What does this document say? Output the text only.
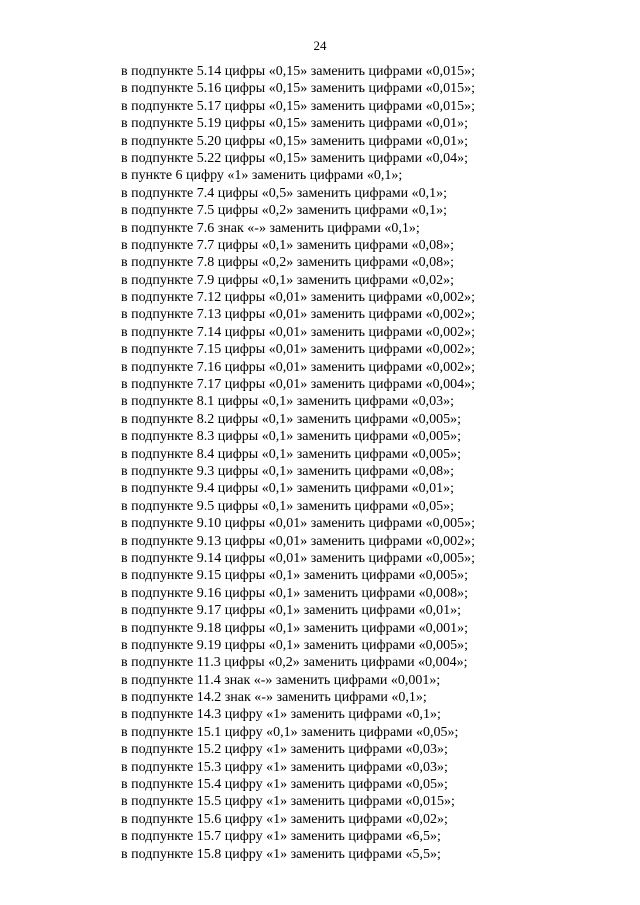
24
в подпункте 5.14 цифры «0,15» заменить цифрами «0,015»;
в подпункте 5.16 цифры «0,15» заменить цифрами «0,015»;
в подпункте 5.17 цифры «0,15» заменить цифрами «0,015»;
в подпункте 5.19 цифры «0,15» заменить цифрами «0,01»;
в подпункте 5.20 цифры «0,15» заменить цифрами «0,01»;
в подпункте 5.22 цифры «0,15» заменить цифрами «0,04»;
в пункте 6 цифру «1» заменить цифрами «0,1»;
в подпункте 7.4 цифры «0,5» заменить цифрами «0,1»;
в подпункте 7.5 цифры «0,2» заменить цифрами «0,1»;
в подпункте 7.6 знак «-» заменить цифрами «0,1»;
в подпункте 7.7 цифры «0,1» заменить цифрами «0,08»;
в подпункте 7.8 цифры «0,2» заменить цифрами «0,08»;
в подпункте 7.9 цифры «0,1» заменить цифрами «0,02»;
в подпункте 7.12 цифры «0,01» заменить цифрами «0,002»;
в подпункте 7.13 цифры «0,01» заменить цифрами «0,002»;
в подпункте 7.14 цифры «0,01» заменить цифрами «0,002»;
в подпункте 7.15 цифры «0,01» заменить цифрами «0,002»;
в подпункте 7.16 цифры «0,01» заменить цифрами «0,002»;
в подпункте 7.17 цифры «0,01» заменить цифрами «0,004»;
в подпункте 8.1 цифры «0,1» заменить цифрами «0,03»;
в подпункте 8.2 цифры «0,1» заменить цифрами «0,005»;
в подпункте 8.3 цифры «0,1» заменить цифрами «0,005»;
в подпункте 8.4 цифры «0,1» заменить цифрами «0,005»;
в подпункте 9.3 цифры «0,1» заменить цифрами «0,08»;
в подпункте 9.4 цифры «0,1» заменить цифрами «0,01»;
в подпункте 9.5 цифры «0,1» заменить цифрами «0,05»;
в подпункте 9.10 цифры «0,01» заменить цифрами «0,005»;
в подпункте 9.13 цифры «0,01» заменить цифрами «0,002»;
в подпункте 9.14 цифры «0,01» заменить цифрами «0,005»;
в подпункте 9.15 цифры «0,1» заменить цифрами «0,005»;
в подпункте 9.16 цифры «0,1» заменить цифрами «0,008»;
в подпункте 9.17 цифры «0,1» заменить цифрами «0,01»;
в подпункте 9.18 цифры «0,1» заменить цифрами «0,001»;
в подпункте 9.19 цифры «0,1» заменить цифрами «0,005»;
в подпункте 11.3 цифры «0,2» заменить цифрами «0,004»;
в подпункте 11.4 знак «-» заменить цифрами «0,001»;
в подпункте 14.2 знак «-» заменить цифрами «0,1»;
в подпункте 14.3 цифру «1» заменить цифрами «0,1»;
в подпункте 15.1 цифру «0,1» заменить цифрами «0,05»;
в подпункте 15.2 цифру «1» заменить цифрами «0,03»;
в подпункте 15.3 цифру «1» заменить цифрами «0,03»;
в подпункте 15.4 цифру «1» заменить цифрами «0,05»;
в подпункте 15.5 цифру «1» заменить цифрами «0,015»;
в подпункте 15.6 цифру «1» заменить цифрами «0,02»;
в подпункте 15.7 цифру «1» заменить цифрами «6,5»;
в подпункте 15.8 цифру «1» заменить цифрами «5,5»;
